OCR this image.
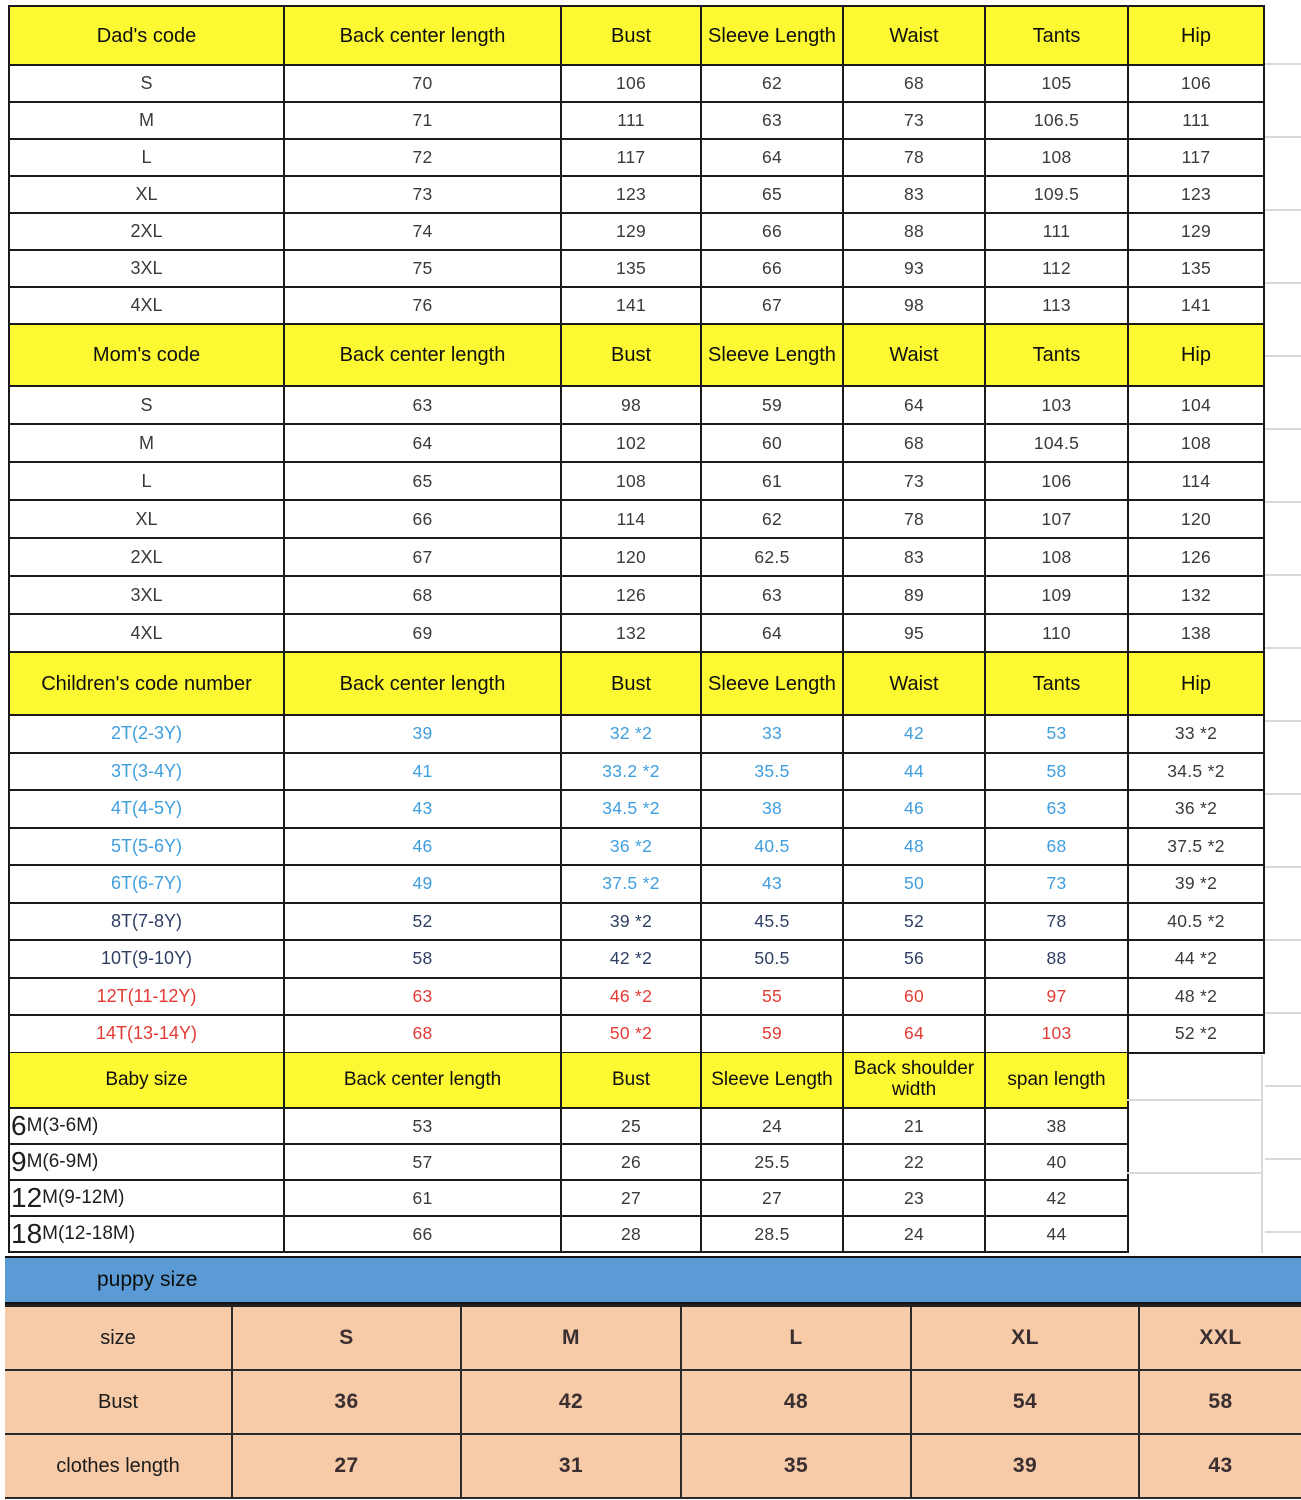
Dad's code	Back center length	Bust	Sleeve Length	Waist	Tants	Hip
S	70	106	62	68	105	106
M	71	111	63	73	106.5	111
L	72	117	64	78	108	117
XL	73	123	65	83	109.5	123
2XL	74	129	66	88	111	129
3XL	75	135	66	93	112	135
4XL	76	141	67	98	113	141
Mom's code	Back center length	Bust	Sleeve Length	Waist	Tants	Hip
S	63	98	59	64	103	104
M	64	102	60	68	104.5	108
L	65	108	61	73	106	114
XL	66	114	62	78	107	120
2XL	67	120	62.5	83	108	126
3XL	68	126	63	89	109	132
4XL	69	132	64	95	110	138
Children's code number	Back center length	Bust	Sleeve Length	Waist	Tants	Hip
2T(2-3Y)	39	32 *2	33	42	53	33 *2
3T(3-4Y)	41	33.2 *2	35.5	44	58	34.5 *2
4T(4-5Y)	43	34.5 *2	38	46	63	36 *2
5T(5-6Y)	46	36 *2	40.5	48	68	37.5 *2
6T(6-7Y)	49	37.5 *2	43	50	73	39 *2
8T(7-8Y)	52	39 *2	45.5	52	78	40.5 *2
10T(9-10Y)	58	42 *2	50.5	56	88	44 *2
12T(11-12Y)	63	46 *2	55	60	97	48 *2
14T(13-14Y)	68	50 *2	59	64	103	52 *2
Baby size	Back center length	Bust	Sleeve Length	Back shoulder width	span length
6 M(3-6M)	53	25	24	21	38
9 M(6-9M)	57	26	25.5	22	40
12 M(9-12M)	61	27	27	23	42
18 M(12-18M)	66	28	28.5	24	44
puppy size
size	S	M	L	XL	XXL
Bust	36	42	48	54	58
clothes length	27	31	35	39	43
